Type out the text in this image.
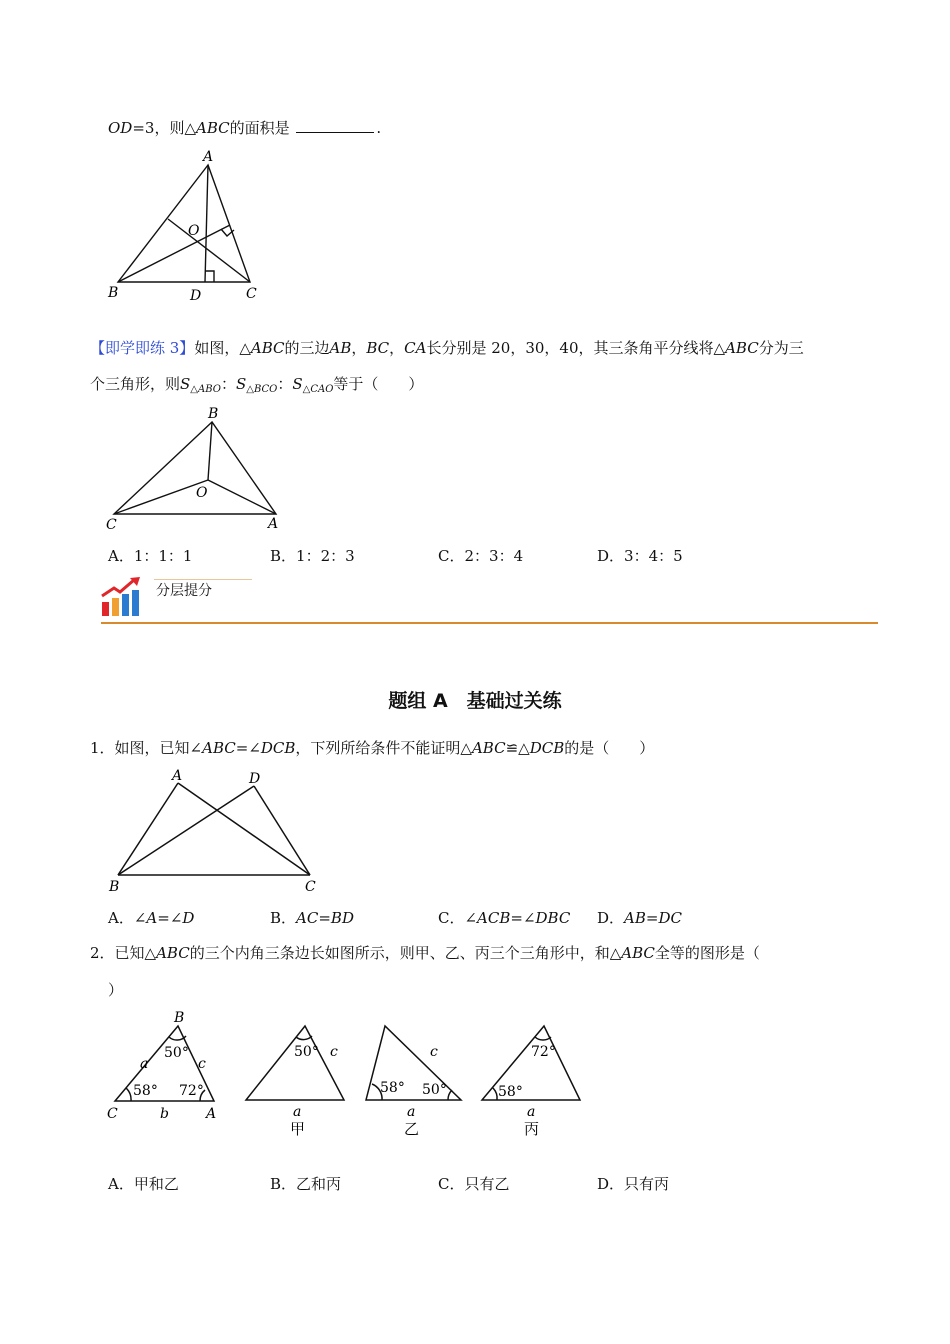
OD=3，则△ABC的面积是	.
A
O
B	D	C
【即学即练 3】如图，△ABC的三边AB，BC，CA长分别是 20，30，40，其三条角平分线将△ABC分为三
个三角形，则$S_{\triangle ABO}$：$S_{\triangle BCO}$：$S_{\triangle CAO}$等于（　　）
B
O
C	A
A．1：1：1	B．1：2：3	C．2：3：4	D．3：4：5
分层提分
题组 A　基础过关练
1．如图，已知∠ABC=∠DCB，下列所给条件不能证明△ABC≌△DCB的是（　　）
A	D
B	C
A．∠A=∠D	B．AC=BD	C．∠ACB=∠DBC D．AB=DC
2．已知△ABC的三个内角三条边长如图所示，则甲、乙、丙三个三角形中，和△ABC全等的图形是（
）
B
50°
a	c
58° 72°
C	b	A
50° c
a
甲
c
58° 50°
a
乙
72°
58°
a
丙
A．甲和乙	B．乙和丙	C．只有乙	D．只有丙
